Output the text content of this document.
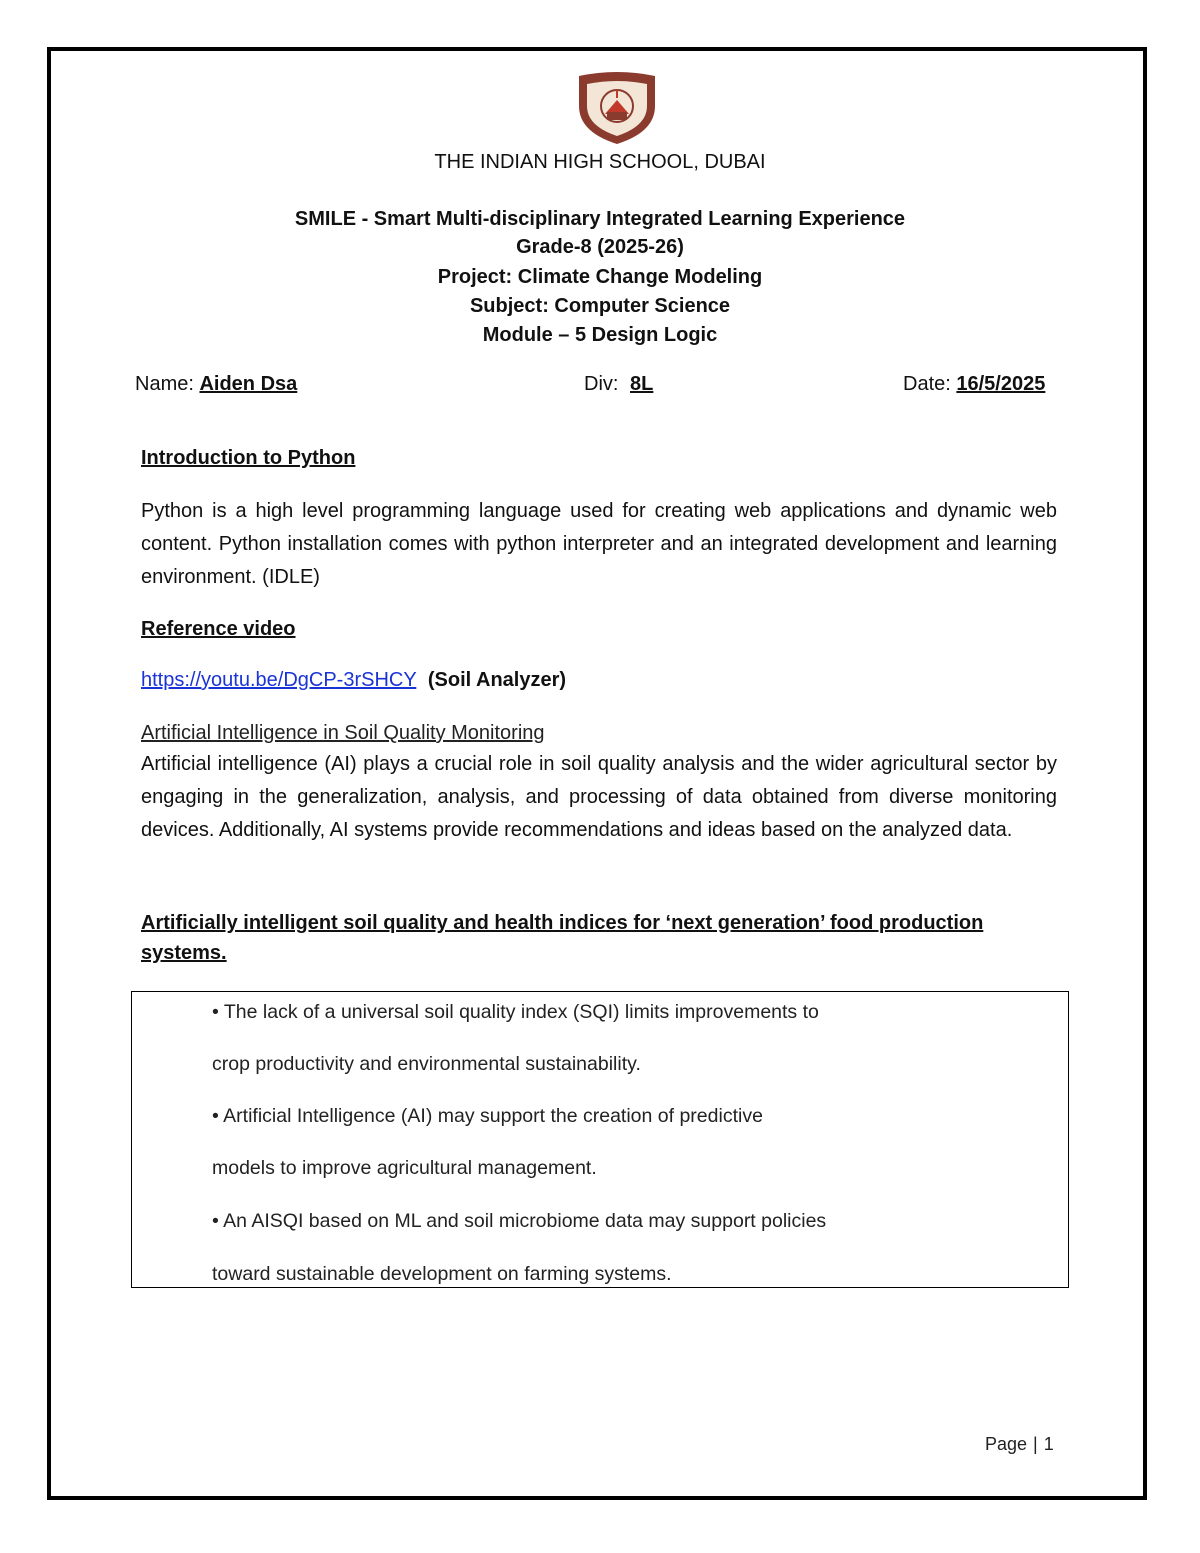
THE INDIAN HIGH SCHOOL, DUBAI
SMILE - Smart Multi-disciplinary Integrated Learning Experience
Grade-8 (2025-26)
Project: Climate Change Modeling
Subject: Computer Science
Module – 5 Design Logic
Name: Aiden Dsa	Div: 8L	Date: 16/5/2025
Introduction to Python
Python is a high level programming language used for creating web applications and dynamic web content. Python installation comes with python interpreter and an integrated development and learning environment. (IDLE)
Reference video
https://youtu.be/DgCP-3rSHCY (Soil Analyzer)
Artificial Intelligence in Soil Quality Monitoring
Artificial intelligence (AI) plays a crucial role in soil quality analysis and the wider agricultural sector by engaging in the generalization, analysis, and processing of data obtained from diverse monitoring devices. Additionally, AI systems provide recommendations and ideas based on the analyzed data.
Artificially intelligent soil quality and health indices for ‘next generation’ food production systems.
• The lack of a universal soil quality index (SQI) limits improvements to
crop productivity and environmental sustainability.
• Artificial Intelligence (AI) may support the creation of predictive
models to improve agricultural management.
• An AISQI based on ML and soil microbiome data may support policies
toward sustainable development on farming systems.
Page | 1
